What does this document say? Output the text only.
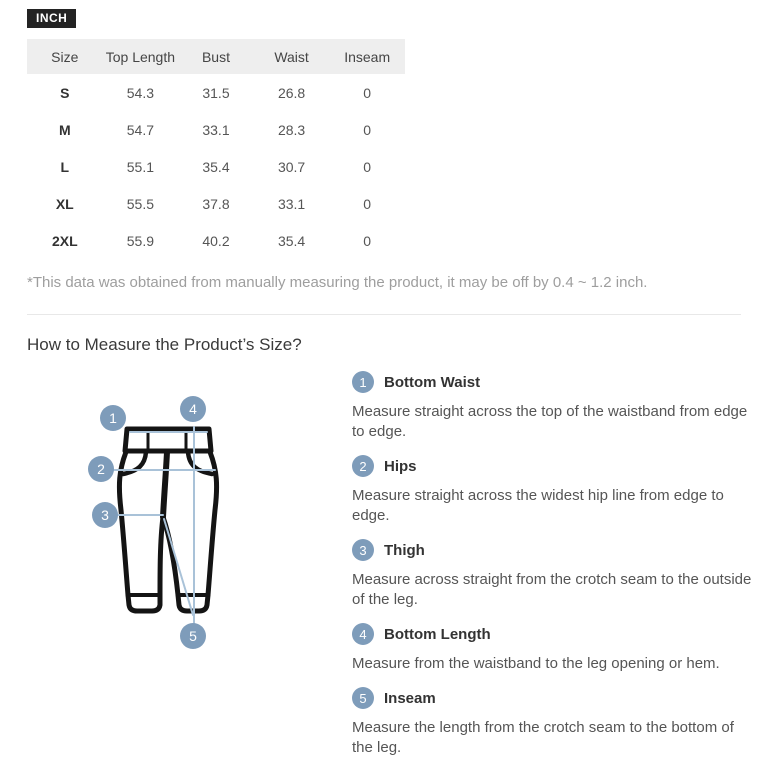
INCH
Size	Top Length	Bust	Waist	Inseam
S	54.3	31.5	26.8	0
M	54.7	33.1	28.3	0
L	55.1	35.4	30.7	0
XL	55.5	37.8	33.1	0
2XL	55.9	40.2	35.4	0

*This data was obtained from manually measuring the product, it may be off by 0.4 ~ 1.2 inch.

How to Measure the Product’s Size?
1
2
3
4
5
1	Bottom Waist

Measure straight across the top of the waistband from edge to edge.

2	Hips

Measure straight across the widest hip line from edge to edge.

3	Thigh

Measure across straight from the crotch seam to the outside of the leg.

4	Bottom Length

Measure from the waistband to the leg opening or hem.

5	Inseam

Measure the length from the crotch seam to the bottom of the leg.
